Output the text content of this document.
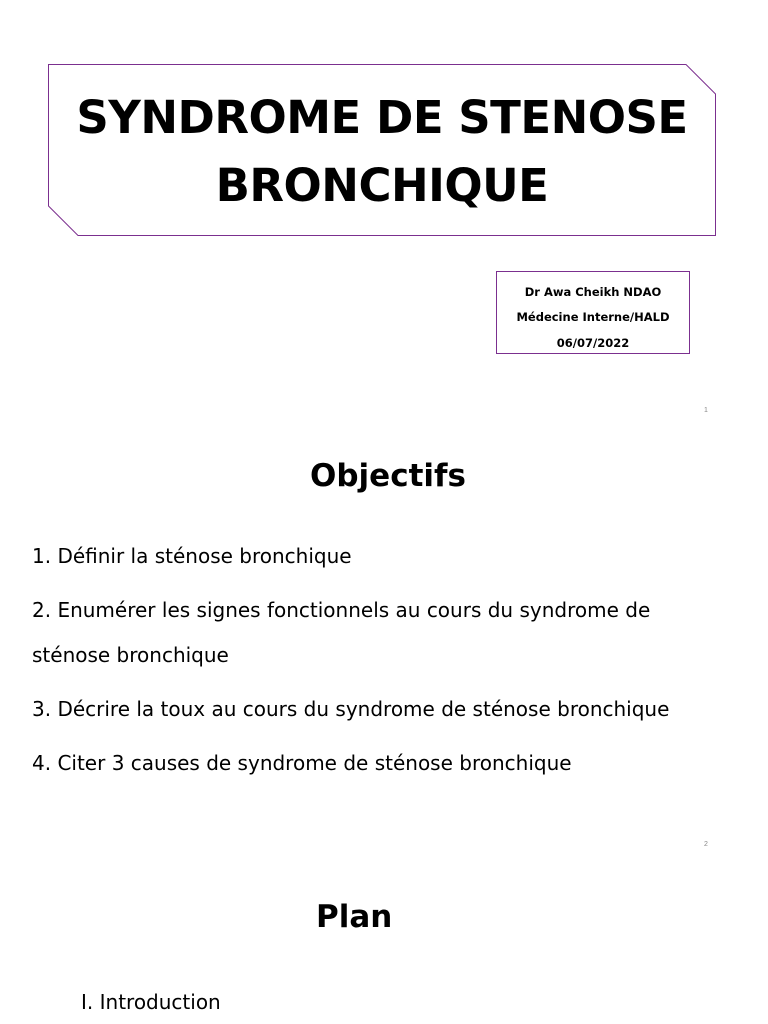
SYNDROME DE STENOSE
BRONCHIQUE
Dr Awa Cheikh NDAO
Médecine Interne/HALD
06/07/2022
1
Objectifs
1. Définir la sténose bronchique
2. Enumérer les signes fonctionnels au cours du syndrome de sténose bronchique
3. Décrire la toux au cours du syndrome de sténose bronchique
4. Citer 3 causes de syndrome de sténose bronchique
2
Plan
I. Introduction
